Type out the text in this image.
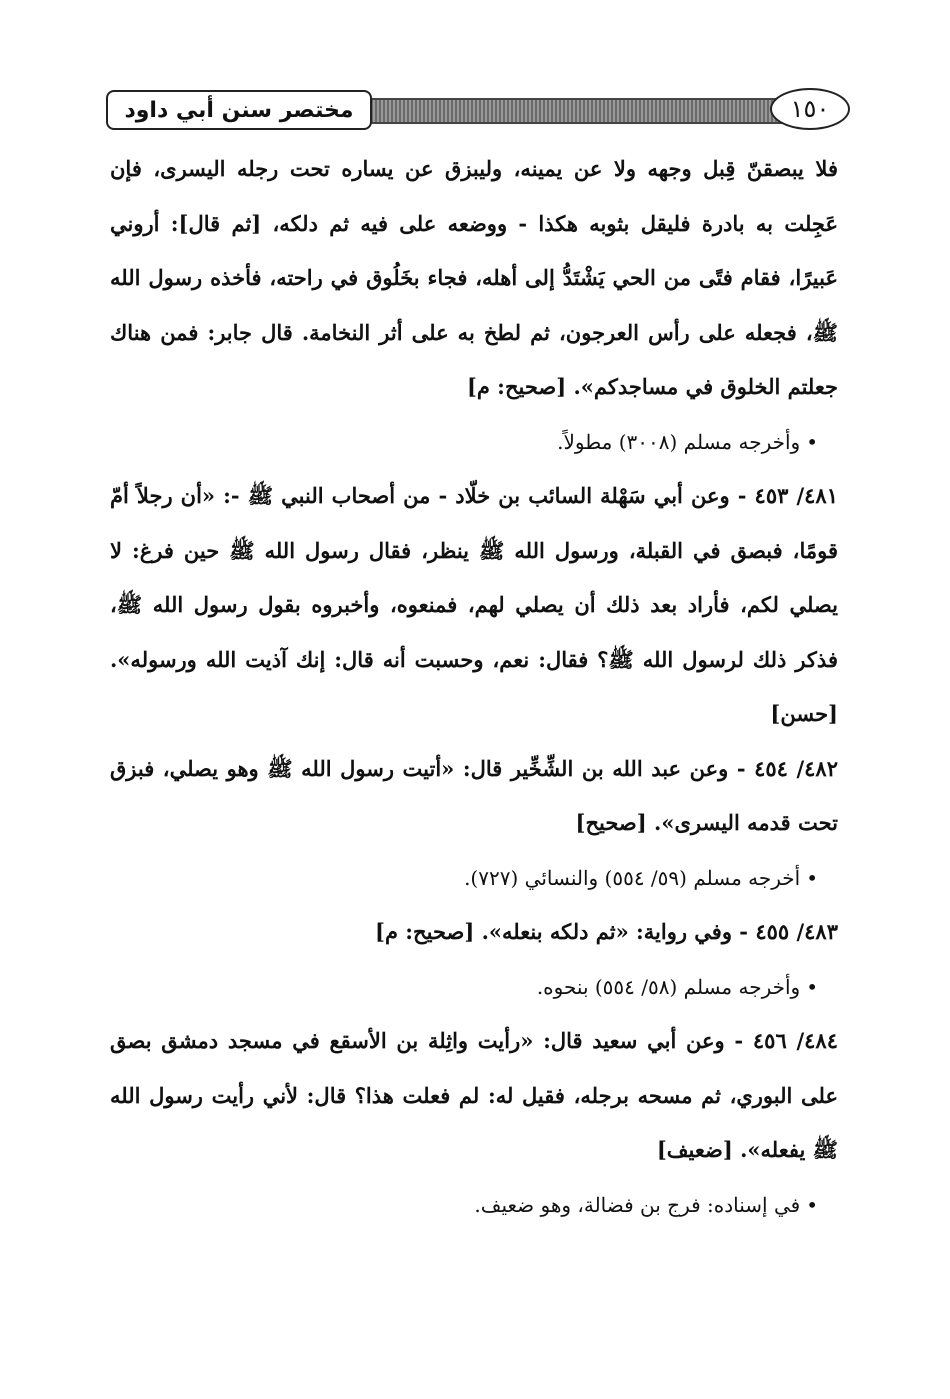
مختصر سنن أبي داود	١٥٠

فلا يبصقنّ قِبل وجهه ولا عن يمينه، وليبزق عن يساره تحت رجله اليسرى، فإن عَجِلت به بادرة فليقل بثوبه هكذا - ووضعه على فيه ثم دلكه، [ثم قال]: أروني عَبيرًا، فقام فتًى من الحي يَشْتَدُّ إلى أهله، فجاء بخَلُوق في راحته، فأخذه رسول الله ﷺ، فجعله على رأس العرجون، ثم لطخ به على أثر النخامة. قال جابر: فمن هناك جعلتم الخلوق في مساجدكم». [صحيح: م]

•وأخرجه مسلم (٣٠٠٨) مطولاً.

٤٨١/ ٤٥٣ - وعن أبي سَهْلة السائب بن خلّاد - من أصحاب النبي ﷺ -: «أن رجلاً أمّ قومًا، فبصق في القبلة، ورسول الله ﷺ ينظر، فقال رسول الله ﷺ حين فرغ: لا يصلي لكم، فأراد بعد ذلك أن يصلي لهم، فمنعوه، وأخبروه بقول رسول الله ﷺ، فذكر ذلك لرسول الله ﷺ؟ فقال: نعم، وحسبت أنه قال: إنك آذيت الله ورسوله». [حسن]

٤٨٢/ ٤٥٤ - وعن عبد الله بن الشِّخِّير قال: «أتيت رسول الله ﷺ وهو يصلي، فبزق تحت قدمه اليسرى». [صحيح]

•أخرجه مسلم (٥٩/ ٥٥٤) والنسائي (٧٢٧).

٤٨٣/ ٤٥٥ - وفي رواية: «ثم دلكه بنعله». [صحيح: م]

•وأخرجه مسلم (٥٨/ ٥٥٤) بنحوه.

٤٨٤/ ٤٥٦ - وعن أبي سعيد قال: «رأيت واثِلة بن الأسقع في مسجد دمشق بصق على البوري، ثم مسحه برجله، فقيل له: لم فعلت هذا؟ قال: لأني رأيت رسول الله ﷺ يفعله». [ضعيف]

•في إسناده: فرج بن فضالة، وهو ضعيف.
